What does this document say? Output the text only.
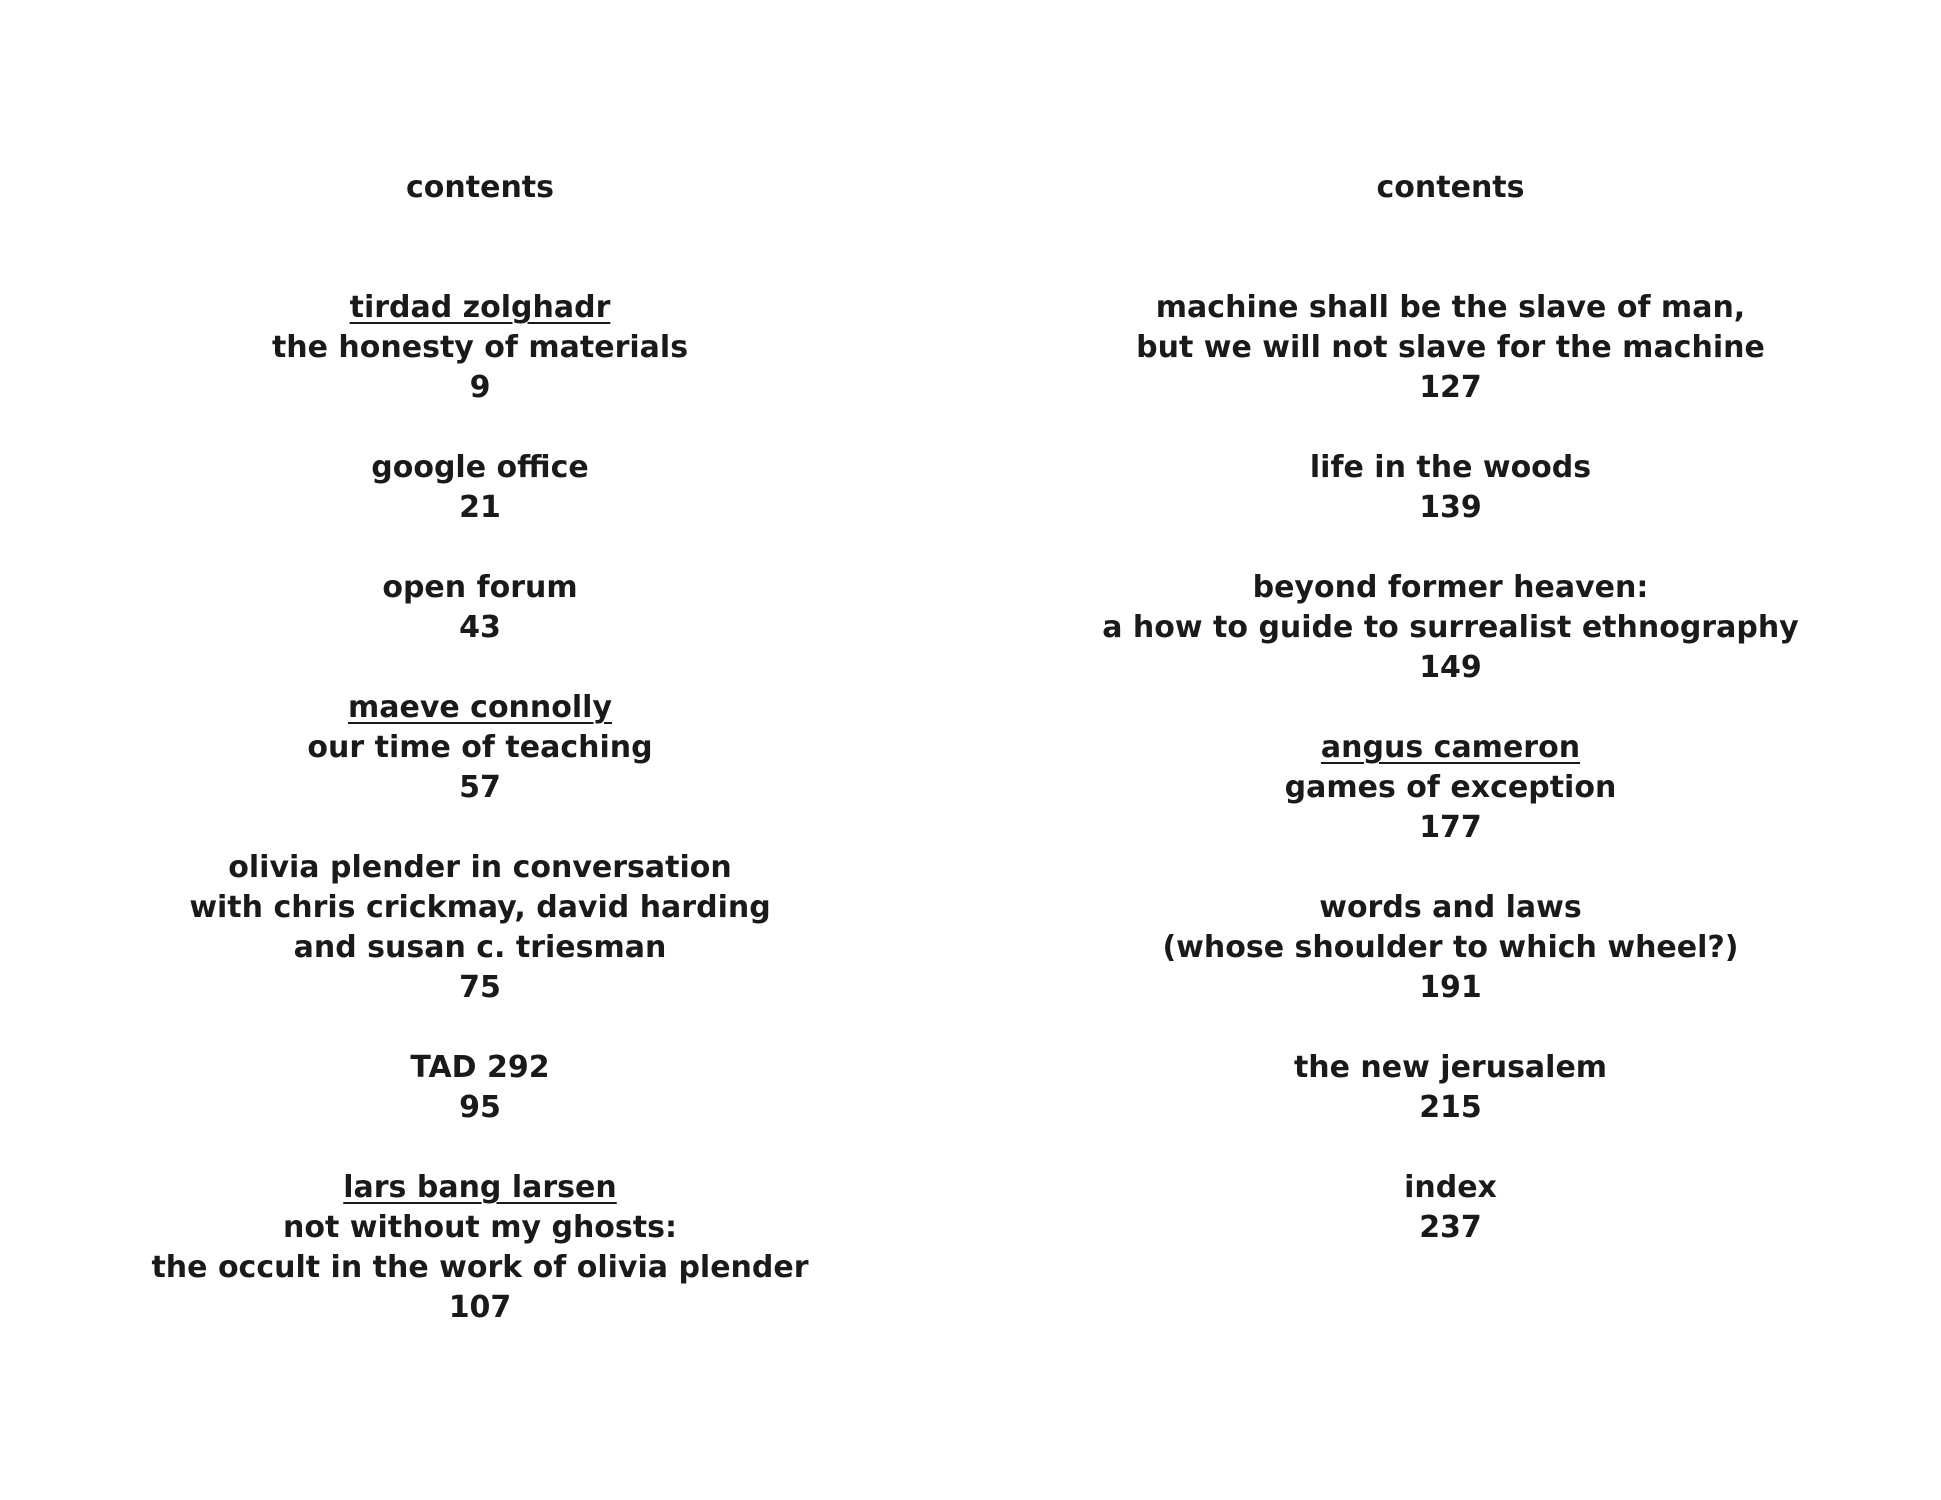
contents
tirdad zolghadr
the honesty of materials
9
google office
21
open forum
43
maeve connolly
our time of teaching
57
olivia plender in conversation
with chris crickmay, david harding
and susan c. triesman
75
TAD 292
95
lars bang larsen
not without my ghosts:
the occult in the work of olivia plender
107
contents
machine shall be the slave of man,
but we will not slave for the machine
127
life in the woods
139
beyond former heaven:
a how to guide to surrealist ethnography
149
angus cameron
games of exception
177
words and laws
(whose shoulder to which wheel?)
191
the new jerusalem
215
index
237
